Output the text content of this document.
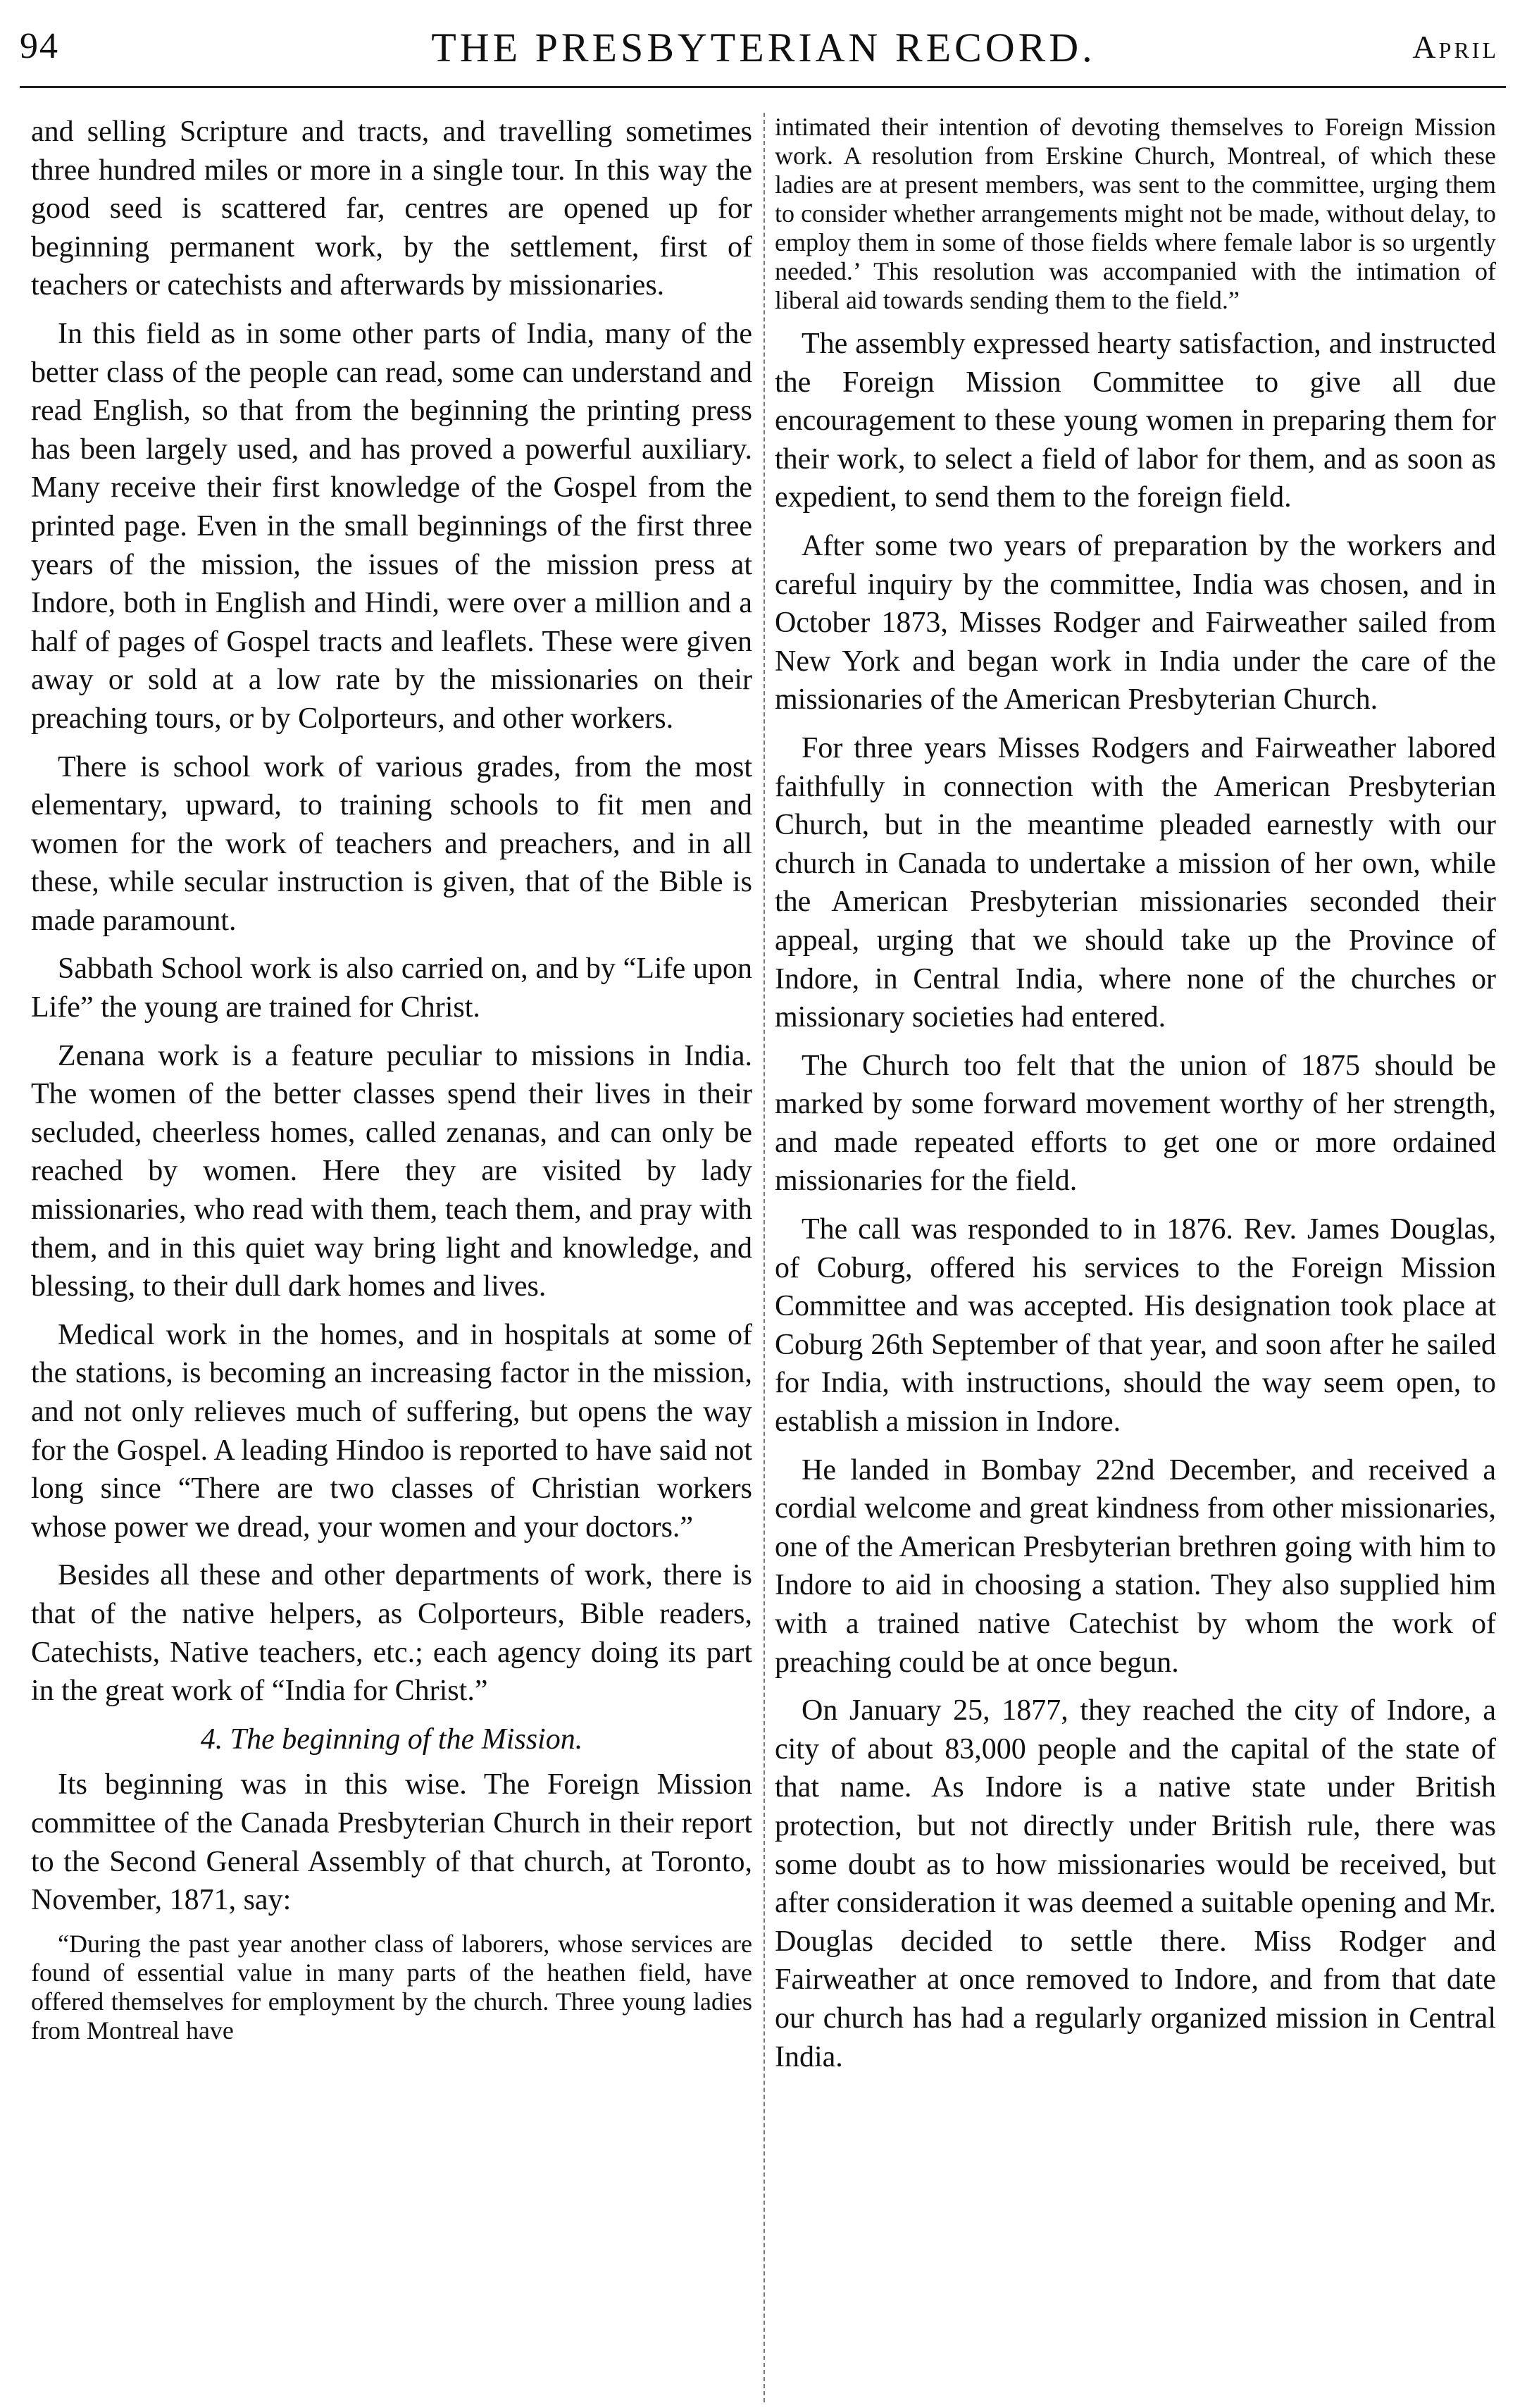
94	THE PRESBYTERIAN RECORD.	April

and selling Scripture and tracts, and travelling sometimes three hundred miles or more in a single tour. In this way the good seed is scattered far, centres are opened up for beginning permanent work, by the settlement, first of teachers or catechists and afterwards by missionaries.

In this field as in some other parts of India, many of the better class of the people can read, some can understand and read English, so that from the beginning the printing press has been largely used, and has proved a powerful auxiliary. Many receive their first knowledge of the Gospel from the printed page. Even in the small beginnings of the first three years of the mission, the issues of the mission press at Indore, both in English and Hindi, were over a million and a half of pages of Gospel tracts and leaflets. These were given away or sold at a low rate by the missionaries on their preaching tours, or by Colporteurs, and other workers.

There is school work of various grades, from the most elementary, upward, to training schools to fit men and women for the work of teachers and preachers, and in all these, while secular instruction is given, that of the Bible is made paramount.

Sabbath School work is also carried on, and by “Life upon Life” the young are trained for Christ.

Zenana work is a feature peculiar to missions in India. The women of the better classes spend their lives in their secluded, cheerless homes, called zenanas, and can only be reached by women. Here they are visited by lady missionaries, who read with them, teach them, and pray with them, and in this quiet way bring light and knowledge, and blessing, to their dull dark homes and lives.

Medical work in the homes, and in hospitals at some of the stations, is becoming an increasing factor in the mission, and not only relieves much of suffering, but opens the way for the Gospel. A leading Hindoo is reported to have said not long since “There are two classes of Christian workers whose power we dread, your women and your doctors.”

Besides all these and other departments of work, there is that of the native helpers, as Colporteurs, Bible readers, Catechists, Native teachers, etc.; each agency doing its part in the great work of “India for Christ.”

4. The beginning of the Mission.

Its beginning was in this wise. The Foreign Mission committee of the Canada Presbyterian Church in their report to the Second General Assembly of that church, at Toronto, November, 1871, say:

“During the past year another class of laborers, whose services are found of essential value in many parts of the heathen field, have offered themselves for employment by the church. Three young ladies from Montreal have

intimated their intention of devoting themselves to Foreign Mission work. A resolution from Erskine Church, Montreal, of which these ladies are at present members, was sent to the committee, urging them to consider whether arrangements might not be made, without delay, to employ them in some of those fields where female labor is so urgently needed.’ This resolution was accompanied with the intimation of liberal aid towards sending them to the field.”

The assembly expressed hearty satisfaction, and instructed the Foreign Mission Committee to give all due encouragement to these young women in preparing them for their work, to select a field of labor for them, and as soon as expedient, to send them to the foreign field.

After some two years of preparation by the workers and careful inquiry by the committee, India was chosen, and in October 1873, Misses Rodger and Fairweather sailed from New York and began work in India under the care of the missionaries of the American Presbyterian Church.

For three years Misses Rodgers and Fairweather labored faithfully in connection with the American Presbyterian Church, but in the meantime pleaded earnestly with our church in Canada to undertake a mission of her own, while the American Presbyterian missionaries seconded their appeal, urging that we should take up the Province of Indore, in Central India, where none of the churches or missionary societies had entered.

The Church too felt that the union of 1875 should be marked by some forward movement worthy of her strength, and made repeated efforts to get one or more ordained missionaries for the field.

The call was responded to in 1876. Rev. James Douglas, of Coburg, offered his services to the Foreign Mission Committee and was accepted. His designation took place at Coburg 26th September of that year, and soon after he sailed for India, with instructions, should the way seem open, to establish a mission in Indore.

He landed in Bombay 22nd December, and received a cordial welcome and great kindness from other missionaries, one of the American Presbyterian brethren going with him to Indore to aid in choosing a station. They also supplied him with a trained native Catechist by whom the work of preaching could be at once begun.

On January 25, 1877, they reached the city of Indore, a city of about 83,000 people and the capital of the state of that name. As Indore is a native state under British protection, but not directly under British rule, there was some doubt as to how missionaries would be received, but after consideration it was deemed a suitable opening and Mr. Douglas decided to settle there. Miss Rodger and Fairweather at once removed to Indore, and from that date our church has had a regularly organized mission in Central India.
